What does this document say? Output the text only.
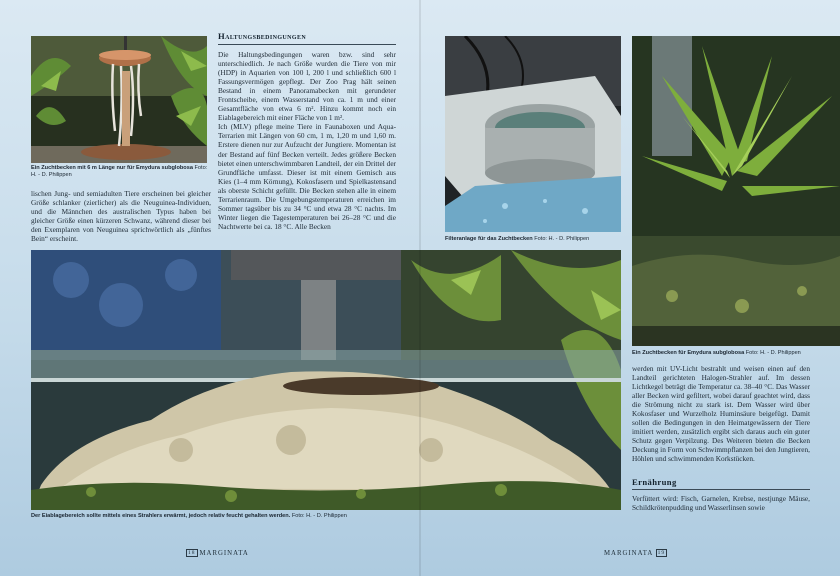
Ein Zuchtbecken mit 6 m Länge nur für Emydura subglobosa Foto: H. - D. Philippen

lischen Jung- und semiadulten Tiere erscheinen bei gleicher Größe schlanker (zierlicher) als die Neuguinea-Individuen, und die Männchen des australischen Typus haben bei gleicher Größe einen kürzeren Schwanz, während dieser bei den Exemplaren von Neuguinea sprichwörtlich als „fünftes Bein“ erscheint.

Haltungsbedingungen

Die Haltungsbedingungen waren bzw. sind sehr unterschiedlich. Je nach Größe wurden die Tiere von mir (HDP) in Aquarien von 100 l, 200 l und schließlich 600 l Fassungsvermögen gepflegt. Der Zoo Prag hält seinen Bestand in einem Panoramabecken mit gerundeter Frontscheibe, einem Wasserstand von ca. 1 m und einer Gesamtfläche von etwa 6 m². Hinzu kommt noch ein Eiablagebereich mit einer Fläche von 1 m².

Ich (MLV) pflege meine Tiere in Faunaboxen und Aqua-Terrarien mit Längen von 60 cm, 1 m, 1,20 m und 1,60 m. Erstere dienen nur zur Aufzucht der Jungtiere. Momentan ist der Bestand auf fünf Becken verteilt. Jedes größere Becken bietet einen unterschwimmbaren Landteil, der ein Drittel der Grundfläche umfasst. Dieser ist mit einem Gemisch aus Kies (1–4 mm Körnung), Kokosfasern und Spielkastensand als oberste Schicht gefüllt. Die Becken stehen alle in einem Terrarienraum. Die Umgebungstemperaturen erreichen im Sommer tagsüber bis zu 34 °C und etwa 28 °C nachts. Im Winter liegen die Tagestemperaturen bei 26–28 °C und die Nachtwerte bei ca. 18 °C. Alle Becken

Der Eiablagebereich sollte mittels eines Strahlers erwärmt, jedoch relativ feucht gehalten werden. Foto: H. - D. Philippen
18 MARGINATA
Filteranlage für das Zuchtbecken Foto: H. - D. Philippen
Ein Zuchtbecken für Emydura subglobosa Foto: H. - D. Philippen

werden mit UV-Licht bestrahlt und weisen einen auf den Landteil gerichteten Halogen-Strahler auf. Im dessen Lichtkegel beträgt die Temperatur ca. 38–40 °C. Das Wasser aller Becken wird gefiltert, wobei darauf geachtet wird, dass die Strömung nicht zu stark ist. Dem Wasser wird über Kokosfaser und Wurzelholz Huminsäure beigefügt. Damit sollen die Bedingungen in den Heimatgewässern der Tiere imitiert werden, zusätzlich ergibt sich daraus auch ein guter Schutz gegen Verpilzung. Des Weiteren bieten die Becken Deckung in Form von Schwimmpflanzen bei den Jungtieren, Höhlen und schwimmenden Korkstücken.

Ernährung

Verfüttert wird: Fisch, Garnelen, Krebse, nestjunge Mäuse, Schildkrötenpudding und Wasserlinsen sowie

MARGINATA 19
